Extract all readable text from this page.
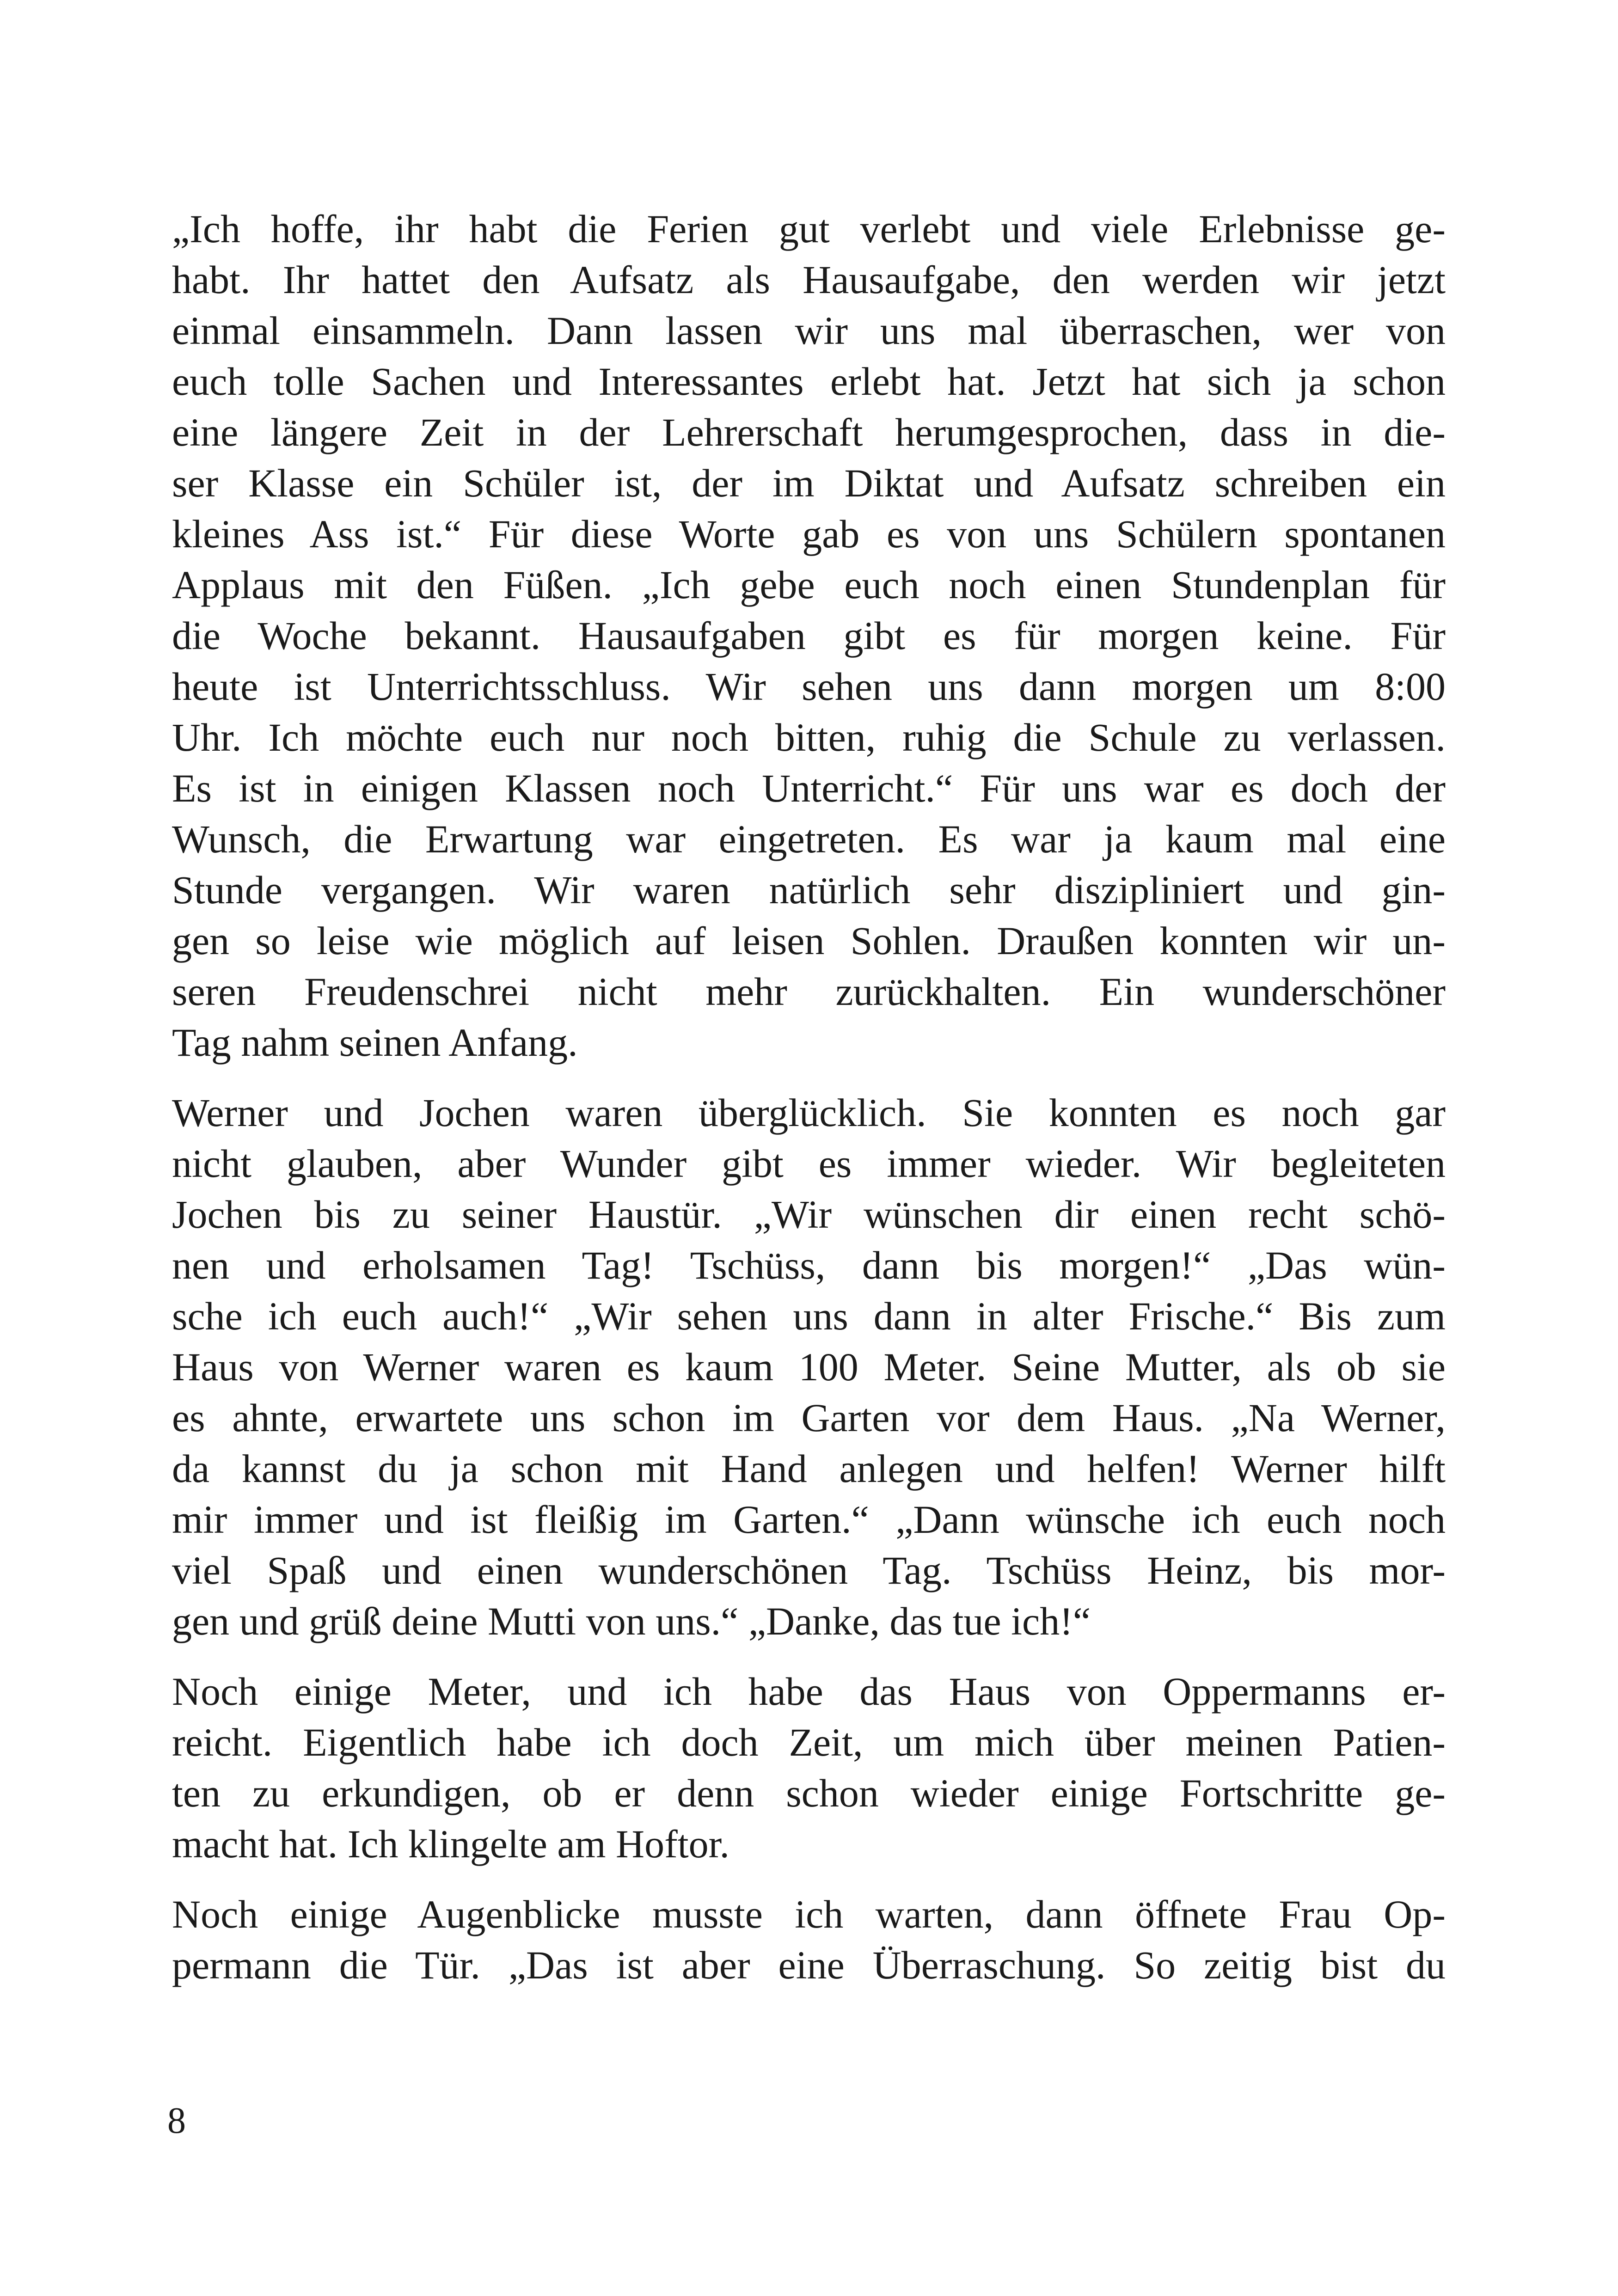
„Ich hoffe, ihr habt die Ferien gut verlebt und viele Erlebnisse ge-
habt. Ihr hattet den Aufsatz als Hausaufgabe, den werden wir jetzt
einmal einsammeln. Dann lassen wir uns mal überraschen, wer von
euch tolle Sachen und Interessantes erlebt hat. Jetzt hat sich ja schon
eine längere Zeit in der Lehrerschaft herumgesprochen, dass in die-
ser Klasse ein Schüler ist, der im Diktat und Aufsatz schreiben ein
kleines Ass ist.“ Für diese Worte gab es von uns Schülern spontanen
Applaus mit den Füßen. „Ich gebe euch noch einen Stundenplan für
die Woche bekannt. Hausaufgaben gibt es für morgen keine. Für
heute ist Unterrichtsschluss. Wir sehen uns dann morgen um 8:00
Uhr. Ich möchte euch nur noch bitten, ruhig die Schule zu verlassen.
Es ist in einigen Klassen noch Unterricht.“ Für uns war es doch der
Wunsch, die Erwartung war eingetreten. Es war ja kaum mal eine
Stunde vergangen. Wir waren natürlich sehr diszipliniert und gin-
gen so leise wie möglich auf leisen Sohlen. Draußen konnten wir un-
seren Freudenschrei nicht mehr zurückhalten. Ein wunderschöner
Tag nahm seinen Anfang.

Werner und Jochen waren überglücklich. Sie konnten es noch gar
nicht glauben, aber Wunder gibt es immer wieder. Wir begleiteten
Jochen bis zu seiner Haustür. „Wir wünschen dir einen recht schö-
nen und erholsamen Tag! Tschüss, dann bis morgen!“ „Das wün-
sche ich euch auch!“ „Wir sehen uns dann in alter Frische.“ Bis zum
Haus von Werner waren es kaum 100 Meter. Seine Mutter, als ob sie
es ahnte, erwartete uns schon im Garten vor dem Haus. „Na Werner,
da kannst du ja schon mit Hand anlegen und helfen! Werner hilft
mir immer und ist fleißig im Garten.“ „Dann wünsche ich euch noch
viel Spaß und einen wunderschönen Tag. Tschüss Heinz, bis mor-
gen und grüß deine Mutti von uns.“ „Danke, das tue ich!“

Noch einige Meter, und ich habe das Haus von Oppermanns er-
reicht. Eigentlich habe ich doch Zeit, um mich über meinen Patien-
ten zu erkundigen, ob er denn schon wieder einige Fortschritte ge-
macht hat. Ich klingelte am Hoftor.

Noch einige Augenblicke musste ich warten, dann öffnete Frau Op-
permann die Tür. „Das ist aber eine Überraschung. So zeitig bist du

8
